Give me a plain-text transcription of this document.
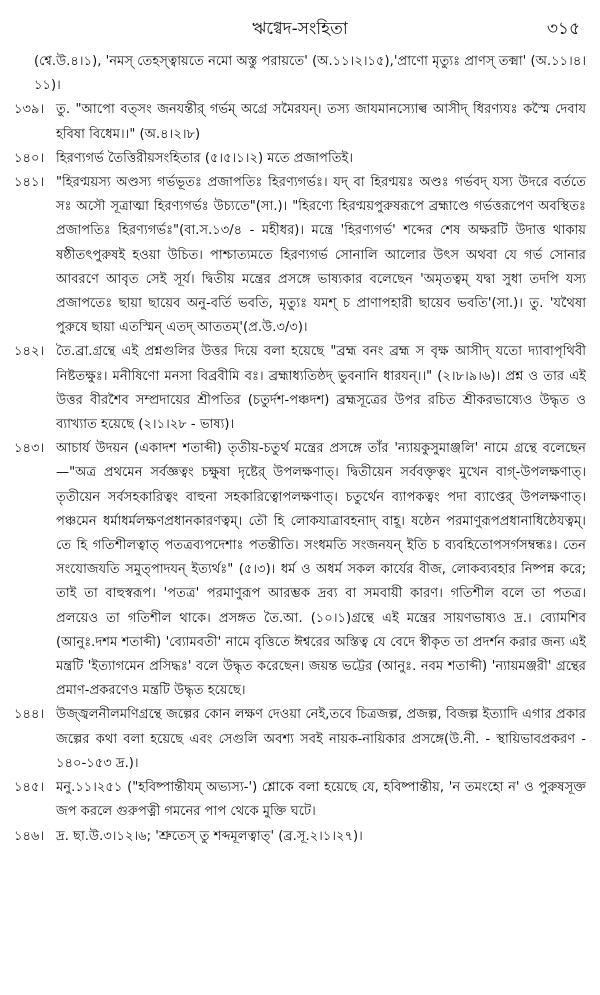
ঋগ্বেদ-সংহিতা	৩১৫

(শ্বে.উ.৪।১), 'নমস্ তেহস্ত্বায়তে নমো অস্তু পরায়তে' (অ.১১।২।১৫),'প্রাণো মৃত্যুঃ প্রাণস্ তক্মা' (অ.১১।৪।১১)।

১৩৯। তু. "আপো বত্সং জনযন্তীর্ গর্ভম্ অগ্রে সমৈরযন্। তস্য জাযমানস্যোল্ব আসীদ্ ধিরণ্যযঃ কস্মৈ দেবায হবিষা বিধেম।।" (অ.৪।২।৮)
১৪০। হিরণ্যগর্ভ তৈত্তিরীয়সংহিতার (৫।৫।১।২) মতে প্রজাপতিই।
১৪১। "হিরণ্ময়স্য অণ্ডস্য গর্ভভূতঃ প্রজাপতিঃ হিরণ্যগর্ভঃ। যদ্ বা হিরণ্ময়ঃ অণ্ডঃ গর্ভবদ্ যস্য উদরে বর্ততে সঃ অসৌ সূত্রাত্মা হিরণ্যগর্ভঃ উচ্যতে"(সা.)। "হিরণ্যে হিরণ্ময়পুরুষরূপে ব্রহ্মাণ্ডে গর্ভত্তরূপেণ অবস্থিতঃ প্রজাপতিঃ হিরণ্যগর্ভঃ"(বা.স.১৩/৪ - মহীধর)। মন্ত্রে 'হিরণ্যগর্ভ' শব্দের শেষ অক্ষরটি উদাত্ত থাকায় ষষ্ঠীতৎপুরুষই হওয়া উচিত। পাশ্চাত্যমতে হিরণ্যগর্ভ সোনালি আলোর উৎস অথবা যে গর্ভ সোনার আবরণে আবৃত সেই সূর্য। দ্বিতীয় মন্ত্রের প্রসঙ্গে ভাষ্যকার বলেছেন 'অমৃতত্বম্ যদ্বা সুধা তদপি যস্য প্রজাপতেঃ ছায়া ছায়েব অনু-বর্তি ভবতি, মৃত্যুঃ যমশ্ চ প্রাণাপহারী ছায়েব ভবতি'(সা.)। তু. 'যথৈষা পুরুষে ছায়া এতস্মিন্ এতদ্ আততম্'(প্র.উ.৩/৩)।
১৪২। তৈ.ব্রা.গ্রন্থে এই প্রশ্নগুলির উত্তর দিয়ে বলা হয়েছে "ব্রহ্ম বনং ব্রহ্ম স বৃক্ষ আসীদ্ যতো দ্যাবাপৃথিবী নিষ্টতক্ষুঃ। মনীষিণো মনসা বিব্রবীমি বঃ। ব্রহ্মাধ্যতিষ্ঠদ্ ভুবনানি ধারযন্।।" (২।৮।৯।৬)। প্রশ্ন ও তার এই উত্তর বীরশৈব সম্প্রদায়ের শ্রীপতির (চতুর্দশ-পঞ্চদশ) ব্রহ্মসূত্রের উপর রচিত শ্রীকরভাষ্যেও উদ্ধৃত ও ব্যাখ্যাত হয়েছে (২।১।২৮ - ভাষ্য)।
১৪৩। আচার্য উদয়ন (একাদশ শতাব্দী) তৃতীয়-চতুর্থ মন্ত্রের প্রসঙ্গে তাঁর 'ন্যায়কুসুমাঞ্জলি' নামে গ্রন্থে বলেছেন—"অত্র প্রথমেন সর্বজ্ঞত্বং চক্ষুষা দৃষ্টের্ উপলক্ষণাত্। দ্বিতীয়েন সর্ববক্তৃত্বং মুখেন বাগ্-উপলক্ষণাত্। তৃতীয়েন সর্বসহকারিত্বং বাহুনা সহকারিত্বোপলক্ষণাত্। চতুর্থেন ব্যাপকত্বং পদা ব্যাপ্তের্ উপলক্ষণাত্। পঞ্চমেন ধর্মাধর্মলক্ষণপ্রধানকারণত্বম্। তৌ হি লোকযাত্রাবহনাদ্ বাহূ। ষষ্ঠেন পরমাণুরূপপ্রধানাধিষ্ঠেযত্বম্। তে হি গতিশীলত্বাত্ পতত্রব্যপদেশাঃ পতন্তীতি। সংধমতি সংজনযন্ ইতি চ ব্যবহিতোপসর্গসম্বন্ধঃ। তেন সংযোজযতি সমুত্পাদযন্ ইত্যর্থঃ" (৫।৩)। ধর্ম ও অধর্ম সকল কার্যের বীজ, লোকব্যবহার নিষ্পন্ন করে; তাই তা বাহুস্বরূপ। 'পতত্র' পরমাণুরূপ আরম্ভক দ্রব্য বা সমবায়ী কারণ। গতিশীল বলে তা পতত্র। প্রলয়েও তা গতিশীল থাকে। প্রসঙ্গত তৈ.আ. (১০।১)গ্রন্থে এই মন্ত্রের সায়ণভাষ্যও দ্র.। ব্যোমশিব (আনুঃ.দশম শতাব্দী) 'ব্যোমবতী' নামে বৃত্তিতে ঈশ্বরের অস্তিত্ব যে বেদে স্বীকৃত তা প্রদর্শন করার জন্য এই মন্ত্রটি 'ইত্যাগমেন প্রসিদ্ধঃ' বলে উদ্ধৃত করেছেন। জয়ন্ত ভট্টের (আনুঃ. নবম শতাব্দী) 'ন্যায়মঞ্জরী' গ্রন্থের প্রমাণ-প্রকরণেও মন্ত্রটি উদ্ধৃত হয়েছে।
১৪৪। উজ্জ্বলনীলমণিগ্রন্থে জল্পের কোন লক্ষণ দেওয়া নেই,তবে চিত্রজল্প, প্রজল্প, বিজল্প ইত্যাদি এগার প্রকার জল্পের কথা বলা হয়েছে এবং সেগুলি অবশ্য সবই নায়ক-নায়িকার প্রসঙ্গে(উ.নী. - স্থায়িভাবপ্রকরণ - ১৪০-১৫৩ দ্র.)।
১৪৫। মনু.১১।২৫১ ("হবিষ্পান্তীযম্ অভ্যস্য-') শ্লোকে বলা হয়েছে যে, হবিষ্পান্তীয়, 'ন তমংহো ন' ও পুরুষসূক্ত জপ করলে গুরুপত্নী গমনের পাপ থেকে মুক্তি ঘটে।
১৪৬। দ্র. ছা.উ.৩।১২।৬; 'শ্রুতেস্ তু শব্দমূলত্বাত্' (ব্র.সূ.২।১।২৭)।
